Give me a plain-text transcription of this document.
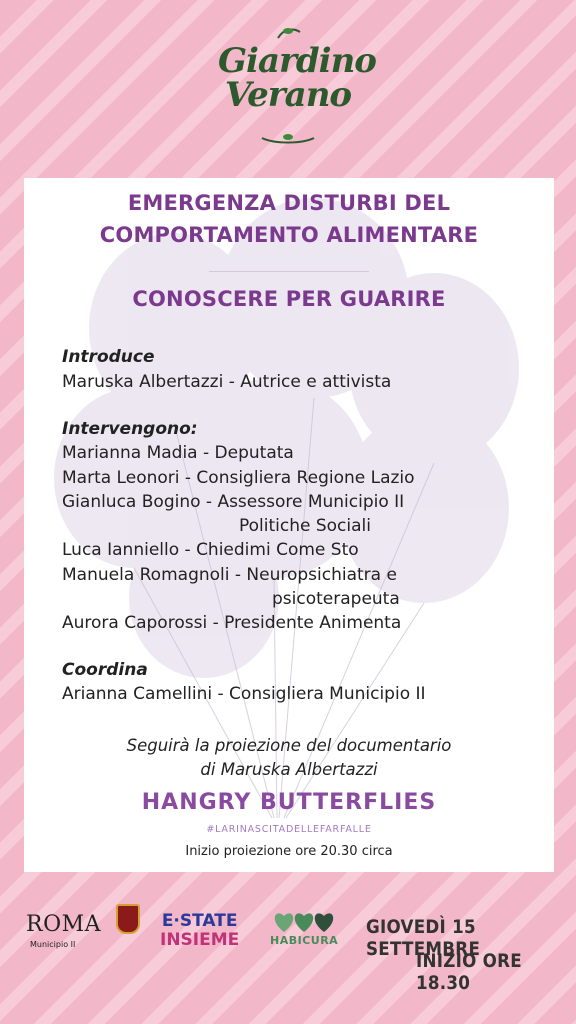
Giardino
Verano
EMERGENZA DISTURBI DEL
COMPORTAMENTO ALIMENTARE
CONOSCERE PER GUARIRE
Introduce
Maruska Albertazzi - Autrice e attivista
Intervengono:
Marianna Madia - Deputata
Marta Leonori - Consigliera Regione Lazio
Gianluca Bogino - Assessore Municipio II
Politiche Sociali
Luca Ianniello - Chiedimi Come Sto
Manuela Romagnoli - Neuropsichiatra e
psicoterapeuta
Aurora Caporossi - Presidente Animenta
Coordina
Arianna Camellini - Consigliera Municipio II
Seguirà la proiezione del documentario
di Maruska Albertazzi
HANGRY BUTTERFLIES
#LARINASCITADELLEFARFALLE
Inizio proiezione ore 20.30 circa
ROMA
Municipio II
E·STATE
INSIEME	HABICURA
GIOVEDÌ 15 SETTEMBRE
INIZIO ORE 18.30
